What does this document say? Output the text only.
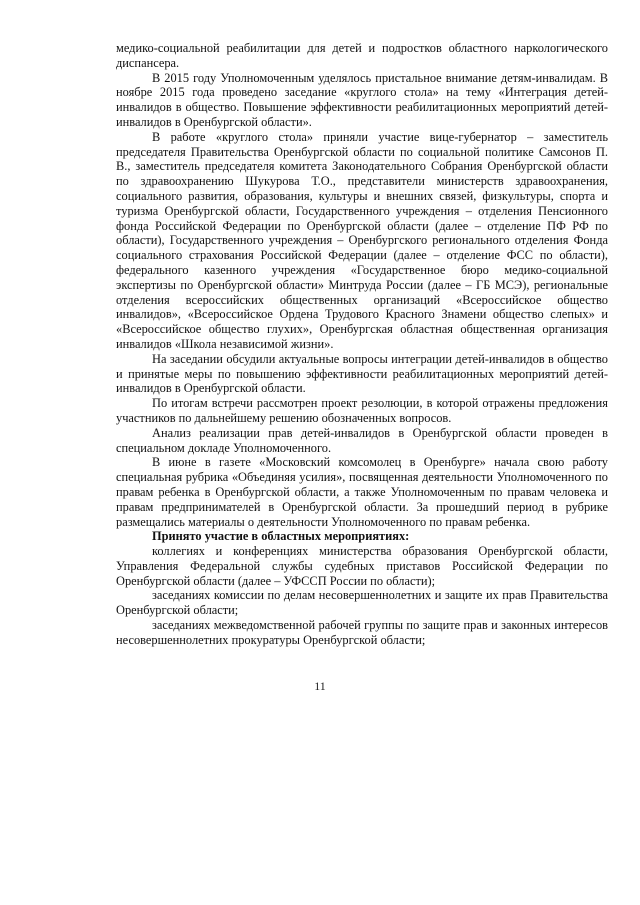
медико-социальной реабилитации для детей и подростков областного наркологического диспансера.

В 2015 году Уполномоченным уделялось пристальное внимание детям-инвалидам. В ноябре 2015 года проведено заседание «круглого стола» на тему «Интеграция детей-инвалидов в общество. Повышение эффективности реабилитационных мероприятий детей-инвалидов в Оренбургской области».

В работе «круглого стола» приняли участие вице-губернатор – заместитель председателя Правительства Оренбургской области по социальной политике Самсонов П. В., заместитель председателя комитета Законодательного Собрания Оренбургской области по здравоохранению Шукурова Т.О., представители министерств здравоохранения, социального развития, образования, культуры и внешних связей, физкультуры, спорта и туризма Оренбургской области, Государственного учреждения – отделения Пенсионного фонда Российской Федерации по Оренбургской области (далее – отделение ПФ РФ по области), Государственного учреждения – Оренбургского регионального отделения Фонда социального страхования Российской Федерации (далее – отделение ФСС по области), федерального казенного учреждения «Государственное бюро медико-социальной экспертизы по Оренбургской области» Минтруда России (далее – ГБ МСЭ), региональные отделения всероссийских общественных организаций «Всероссийское общество инвалидов», «Всероссийское Ордена Трудового Красного Знамени общество слепых» и «Всероссийское общество глухих», Оренбургская областная общественная организация инвалидов «Школа независимой жизни».

На заседании обсудили актуальные вопросы интеграции детей-инвалидов в общество и принятые меры по повышению эффективности реабилитационных мероприятий детей-инвалидов в Оренбургской области.

По итогам встречи рассмотрен проект резолюции, в которой отражены предложения участников по дальнейшему решению обозначенных вопросов.

Анализ реализации прав детей-инвалидов в Оренбургской области проведен в специальном докладе Уполномоченного.

В июне в газете «Московский комсомолец в Оренбурге» начала свою работу специальная рубрика «Объединяя усилия», посвященная деятельности Уполномоченного по правам ребенка в Оренбургской области, а также Уполномоченным по правам человека и правам предпринимателей в Оренбургской области. За прошедший период в рубрике размещались материалы о деятельности Уполномоченного по правам ребенка.

Принято участие в областных мероприятиях:

коллегиях и конференциях министерства образования Оренбургской области, Управления Федеральной службы судебных приставов Российской Федерации по Оренбургской области (далее – УФССП России по области);

заседаниях комиссии по делам несовершеннолетних и защите их прав Правительства Оренбургской области;

заседаниях межведомственной рабочей группы по защите прав и законных интересов несовершеннолетних прокуратуры Оренбургской области;

11
